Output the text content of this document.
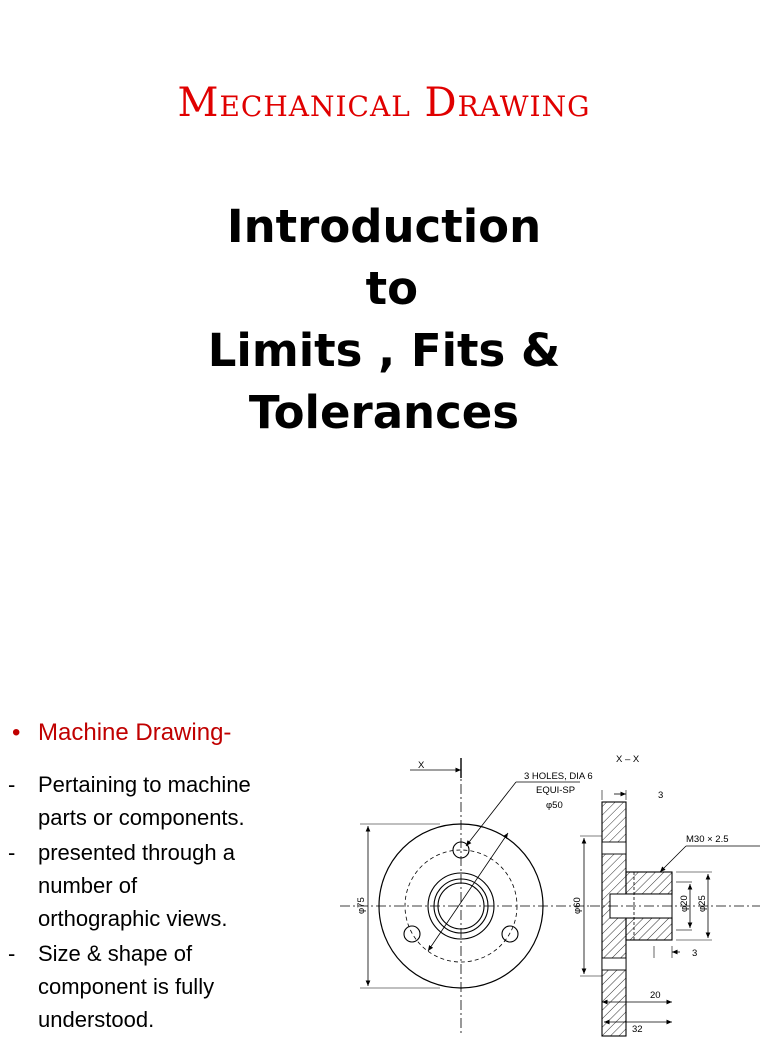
Mechanical Drawing
Introduction
to
Limits , Fits &
Tolerances
• Machine Drawing-
- Pertaining to machine
parts or components.
- presented through a
number of
orthographic views.
- Size & shape of
component is fully
understood.
X
3 HOLES, DIA 6
EQUI-SP
φ50
φ75
X – X
3
M30 × 2.5
φ60	φ20 φ25
3
20
32
